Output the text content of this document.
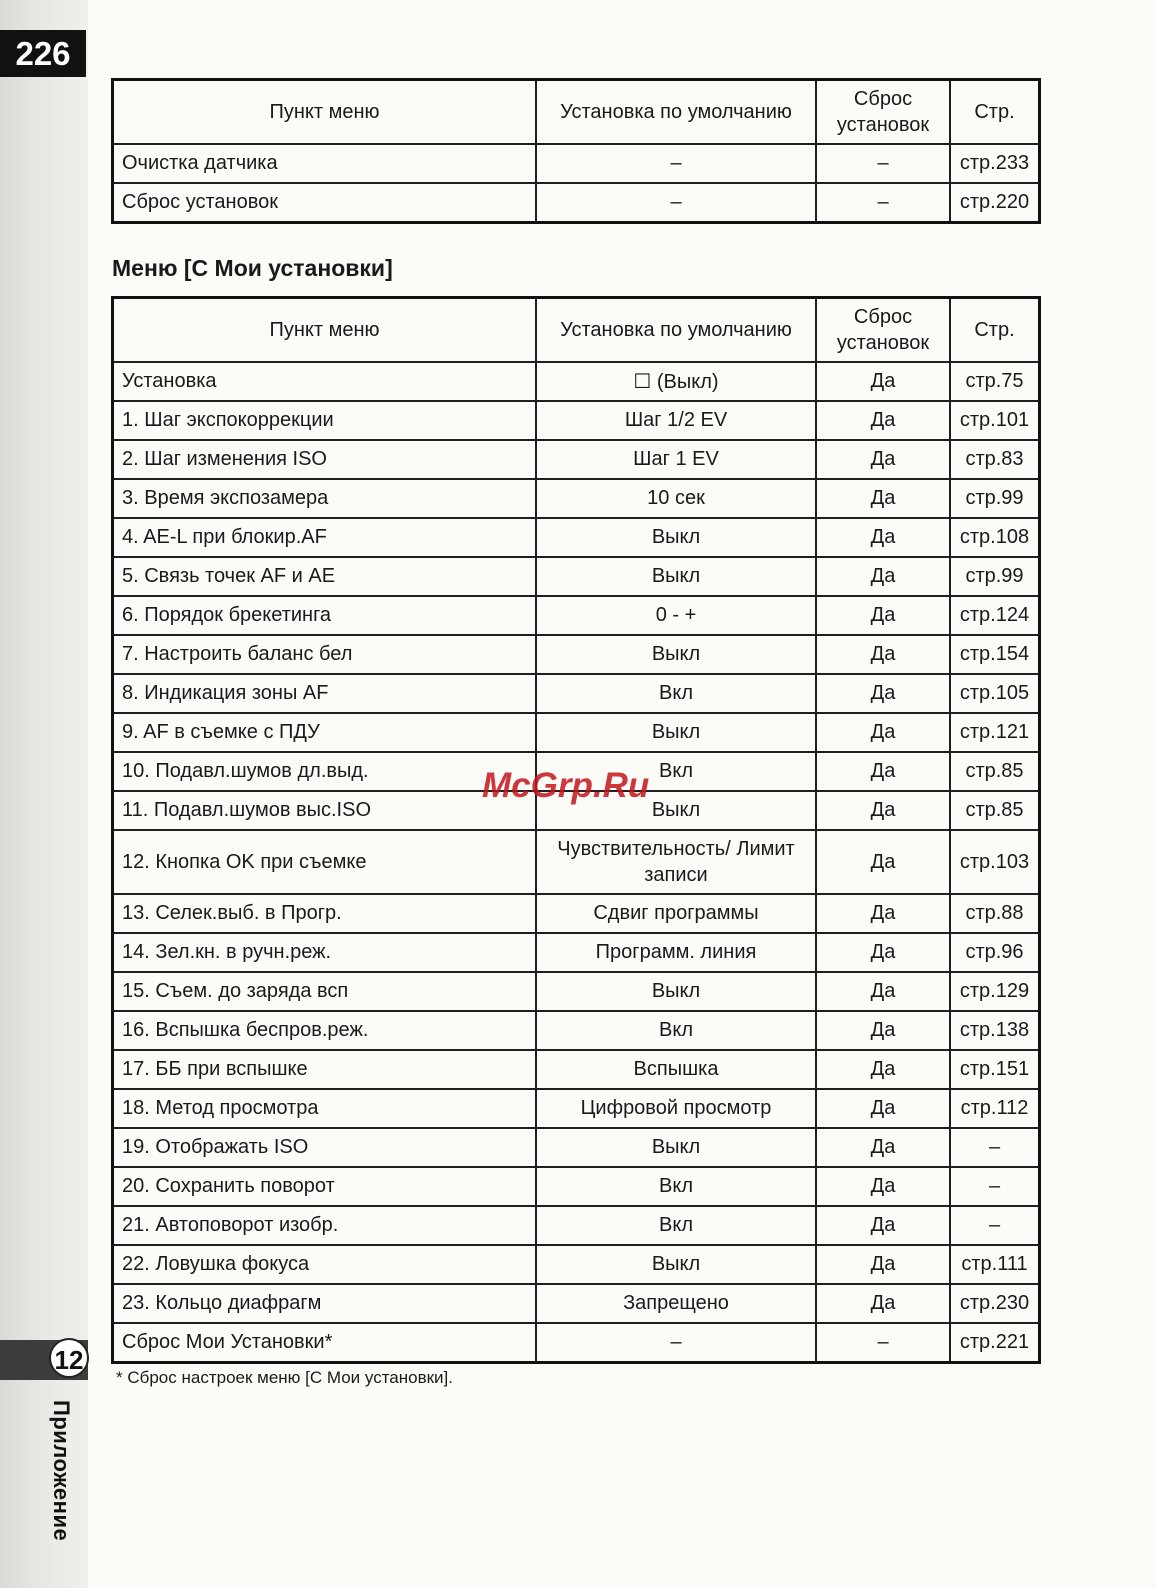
226
12
Приложение
Пункт меню	Установка по умолчанию	Сброс установок	Стр.
Очистка датчика	–	–	стр.233
Сброс установок	–	–	стр.220
Меню [C Мои установки]
Пункт меню	Установка по умолчанию	Сброс установок	Стр.
Установка	☐ (Выкл)	Да	стр.75
1. Шаг экспокоррекции	Шаг 1/2 EV	Да	стр.101
2. Шаг изменения ISO	Шаг 1 EV	Да	стр.83
3. Время экспозамера	10 сек	Да	стр.99
4. AE-L при блокир.AF	Выкл	Да	стр.108
5. Связь точек AF и AE	Выкл	Да	стр.99
6. Порядок брекетинга	0 - +	Да	стр.124
7. Настроить баланс бел	Выкл	Да	стр.154
8. Индикация зоны AF	Вкл	Да	стр.105
9. AF в съемке с ПДУ	Выкл	Да	стр.121
10. Подавл.шумов дл.выд.	Вкл	Да	стр.85
11. Подавл.шумов выс.ISO	Выкл	Да	стр.85
12. Кнопка OK при съемке	Чувствительность/ Лимит записи	Да	стр.103
13. Селек.выб. в Прогр.	Сдвиг программы	Да	стр.88
14. Зел.кн. в ручн.реж.	Программ. линия	Да	стр.96
15. Съем. до заряда всп	Выкл	Да	стр.129
16. Вспышка беспров.реж.	Вкл	Да	стр.138
17. ББ при вспышке	Вспышка	Да	стр.151
18. Метод просмотра	Цифровой просмотр	Да	стр.112
19. Отображать ISO	Выкл	Да	–
20. Сохранить поворот	Вкл	Да	–
21. Автоповорот изобр.	Вкл	Да	–
22. Ловушка фокуса	Выкл	Да	стр.111
23. Кольцо диафрагм	Запрещено	Да	стр.230
Сброс Мои Установки*	–	–	стр.221
* Сброс настроек меню [C Мои установки].
McGrp.Ru
